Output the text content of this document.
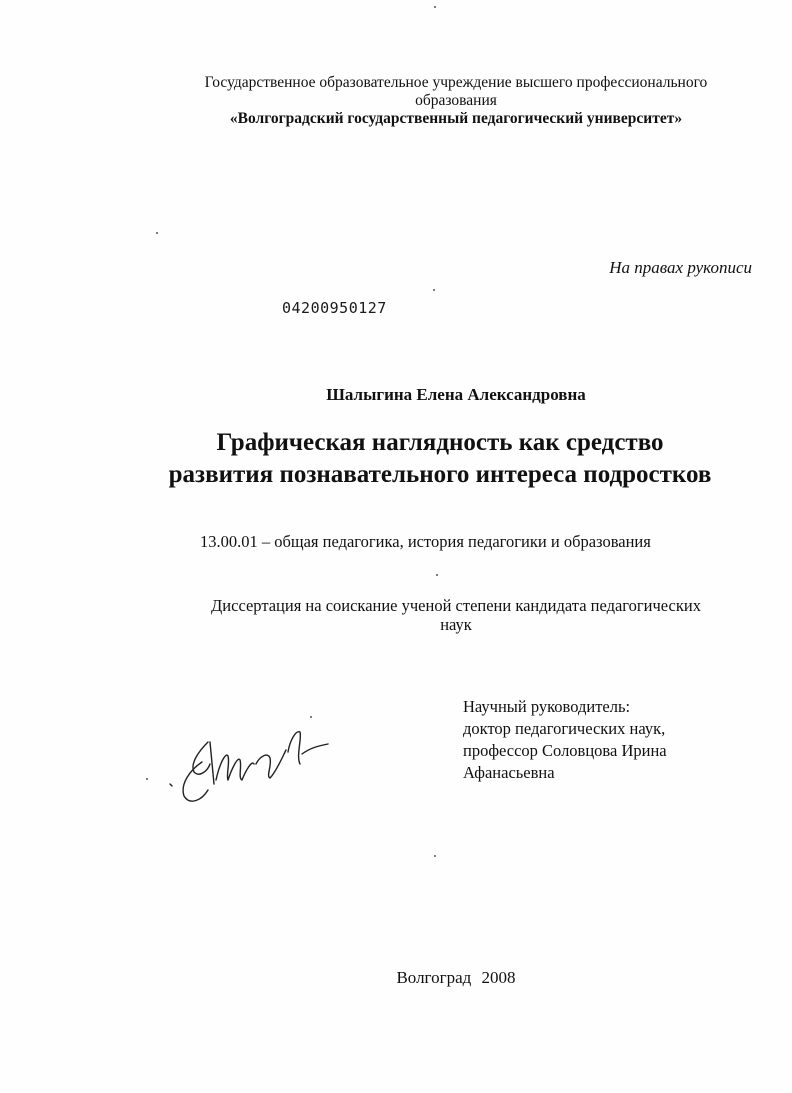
Государственное образовательное учреждение высшего профессионального
образования
«Волгоградский государственный педагогический университет»
На правах рукописи
04200950127
Шалыгина Елена Александровна
Графическая наглядность как средство
развития познавательного интереса подростков
13.00.01 – общая педагогика, история педагогики и образования
Диссертация на соискание ученой степени кандидата педагогических
наук
Научный руководитель:
доктор педагогических наук,
профессор Соловцова Ирина
Афанасьевна
Волгоград 2008
